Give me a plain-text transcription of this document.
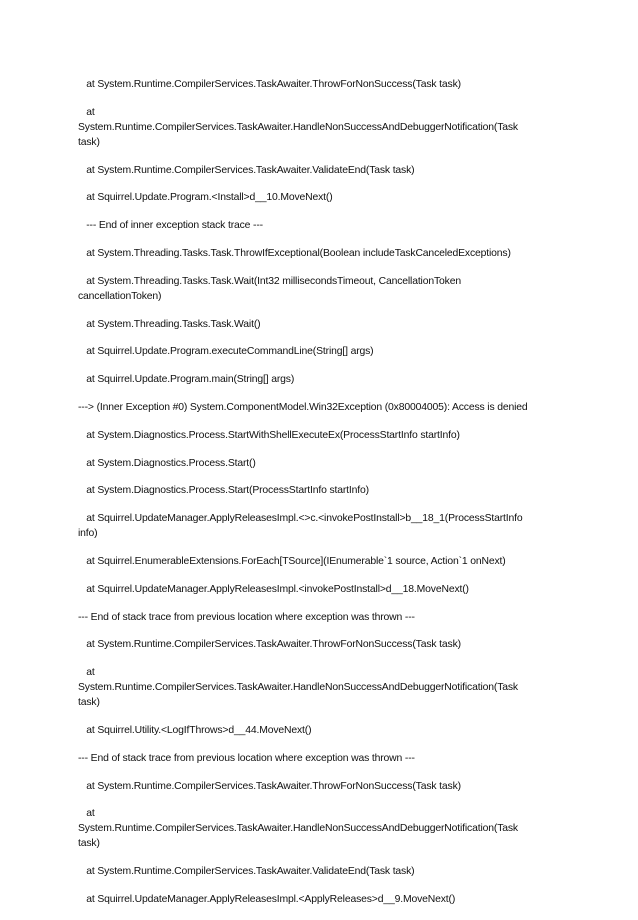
at System.Runtime.CompilerServices.TaskAwaiter.ThrowForNonSuccess(Task task)
at
System.Runtime.CompilerServices.TaskAwaiter.HandleNonSuccessAndDebuggerNotification(Task
task)
at System.Runtime.CompilerServices.TaskAwaiter.ValidateEnd(Task task)
at Squirrel.Update.Program.<Install>d__10.MoveNext()
--- End of inner exception stack trace ---
at System.Threading.Tasks.Task.ThrowIfExceptional(Boolean includeTaskCanceledExceptions)
at System.Threading.Tasks.Task.Wait(Int32 millisecondsTimeout, CancellationToken
cancellationToken)
at System.Threading.Tasks.Task.Wait()
at Squirrel.Update.Program.executeCommandLine(String[] args)
at Squirrel.Update.Program.main(String[] args)
---> (Inner Exception #0) System.ComponentModel.Win32Exception (0x80004005): Access is denied
at System.Diagnostics.Process.StartWithShellExecuteEx(ProcessStartInfo startInfo)
at System.Diagnostics.Process.Start()
at System.Diagnostics.Process.Start(ProcessStartInfo startInfo)
at Squirrel.UpdateManager.ApplyReleasesImpl.<>c.<invokePostInstall>b__18_1(ProcessStartInfo
info)
at Squirrel.EnumerableExtensions.ForEach[TSource](IEnumerable`1 source, Action`1 onNext)
at Squirrel.UpdateManager.ApplyReleasesImpl.<invokePostInstall>d__18.MoveNext()
--- End of stack trace from previous location where exception was thrown ---
at System.Runtime.CompilerServices.TaskAwaiter.ThrowForNonSuccess(Task task)
at
System.Runtime.CompilerServices.TaskAwaiter.HandleNonSuccessAndDebuggerNotification(Task
task)
at Squirrel.Utility.<LogIfThrows>d__44.MoveNext()
--- End of stack trace from previous location where exception was thrown ---
at System.Runtime.CompilerServices.TaskAwaiter.ThrowForNonSuccess(Task task)
at
System.Runtime.CompilerServices.TaskAwaiter.HandleNonSuccessAndDebuggerNotification(Task
task)
at System.Runtime.CompilerServices.TaskAwaiter.ValidateEnd(Task task)
at Squirrel.UpdateManager.ApplyReleasesImpl.<ApplyReleases>d__9.MoveNext()
